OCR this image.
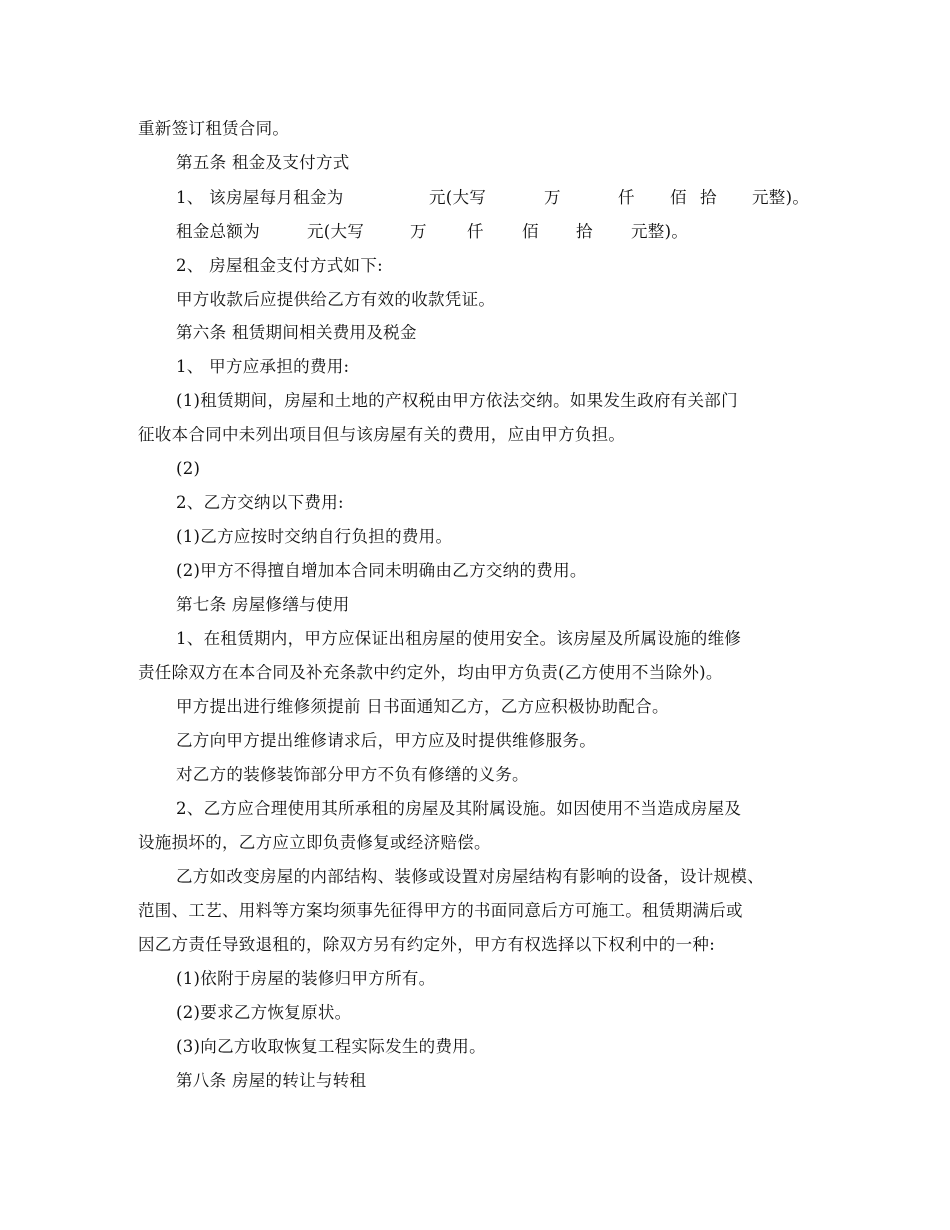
重新签订租赁合同。
第五条 租金及支付方式
1、 该房屋每月租金为	元(大写	万	仟 佰 拾 元整)。
租金总额为	元(大写	万 仟 佰 拾 元整)。
2、 房屋租金支付方式如下:
甲方收款后应提供给乙方有效的收款凭证。
第六条 租赁期间相关费用及税金
1、 甲方应承担的费用:
(1)租赁期间，房屋和土地的产权税由甲方依法交纳。如果发生政府有关部门
征收本合同中未列出项目但与该房屋有关的费用，应由甲方负担。
(2)
2、乙方交纳以下费用:
(1)乙方应按时交纳自行负担的费用。
(2)甲方不得擅自增加本合同未明确由乙方交纳的费用。
第七条 房屋修缮与使用
1、在租赁期内，甲方应保证出租房屋的使用安全。该房屋及所属设施的维修
责任除双方在本合同及补充条款中约定外，均由甲方负责(乙方使用不当除外)。
甲方提出进行维修须提前 日书面通知乙方，乙方应积极协助配合。
乙方向甲方提出维修请求后，甲方应及时提供维修服务。
对乙方的装修装饰部分甲方不负有修缮的义务。
2、乙方应合理使用其所承租的房屋及其附属设施。如因使用不当造成房屋及
设施损坏的，乙方应立即负责修复或经济赔偿。
乙方如改变房屋的内部结构、装修或设置对房屋结构有影响的设备，设计规模、
范围、工艺、用料等方案均须事先征得甲方的书面同意后方可施工。租赁期满后或
因乙方责任导致退租的，除双方另有约定外，甲方有权选择以下权利中的一种:
(1)依附于房屋的装修归甲方所有。
(2)要求乙方恢复原状。
(3)向乙方收取恢复工程实际发生的费用。
第八条 房屋的转让与转租
